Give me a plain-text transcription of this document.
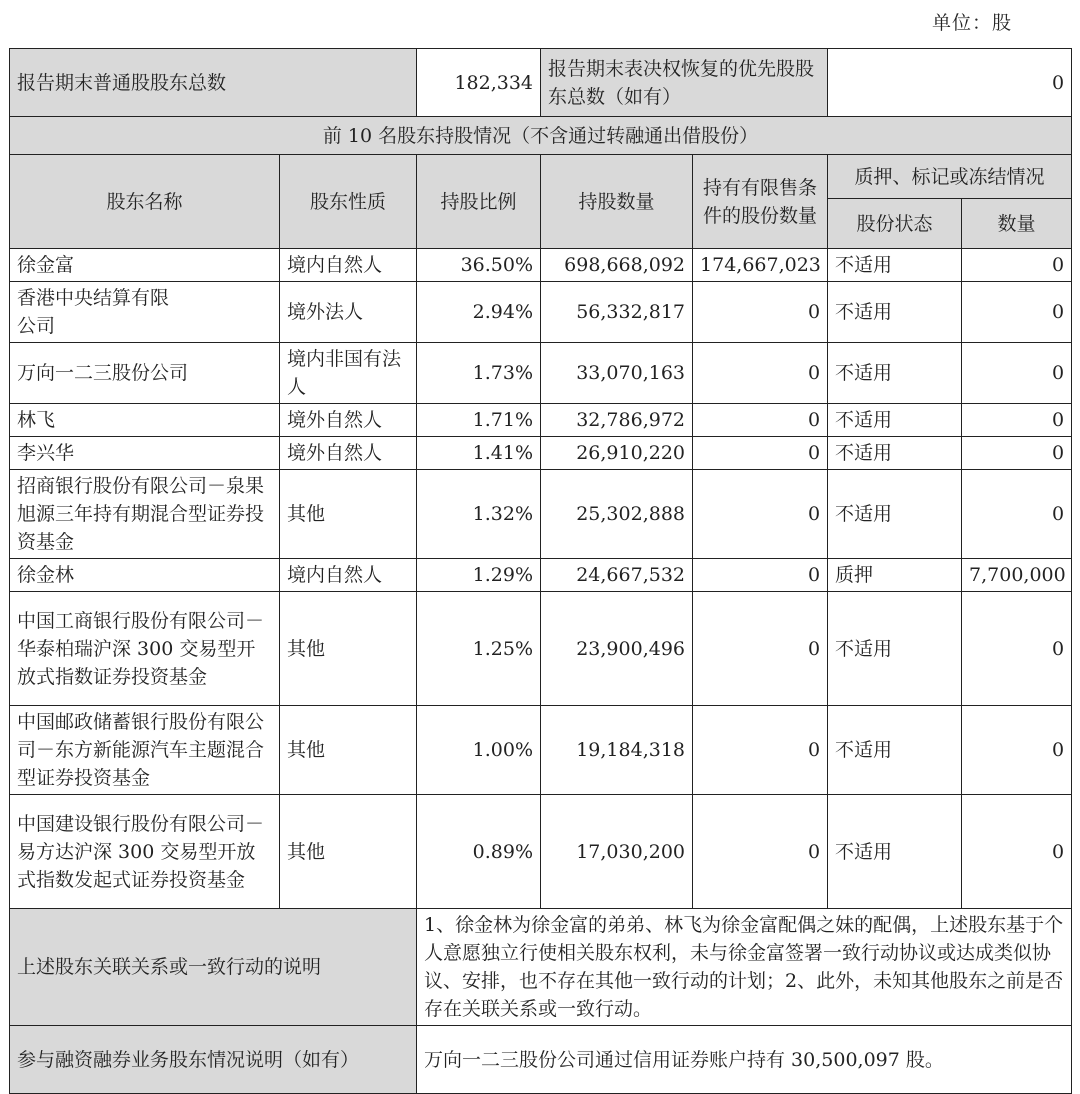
单位：股
报告期末普通股股东总数		182,334	报告期末表决权恢复的优先股股东总数（如有）		0	
前 10 名股东持股情况（不含通过转融通出借股份）						
股东名称	股东性质	持股比例	持股数量	持有有限售条件的股份数量	质押、标记或冻结情况	
					股份状态	数量
徐金富	境内自然人	36.50%	698,668,092	174,667,023	不适用	0
香港中央结算有限公司	境外法人	2.94%	56,332,817	0	不适用	0
万向一二三股份公司	境内非国有法人	1.73%	33,070,163	0	不适用	0
林飞	境外自然人	1.71%	32,786,972	0	不适用	0
李兴华	境外自然人	1.41%	26,910,220	0	不适用	0
招商银行股份有限公司－泉果旭源三年持有期混合型证券投资基金	其他	1.32%	25,302,888	0	不适用	0
徐金林	境内自然人	1.29%	24,667,532	0	质押	7,700,000
中国工商银行股份有限公司－华泰柏瑞沪深 300 交易型开放式指数证券投资基金	其他	1.25%	23,900,496	0	不适用	0
中国邮政储蓄银行股份有限公司－东方新能源汽车主题混合型证券投资基金	其他	1.00%	19,184,318	0	不适用	0
中国建设银行股份有限公司－易方达沪深 300 交易型开放式指数发起式证券投资基金	其他	0.89%	17,030,200	0	不适用	0
上述股东关联关系或一致行动的说明		1、徐金林为徐金富的弟弟、林飞为徐金富配偶之妹的配偶，上述股东基于个人意愿独立行使相关股东权利，未与徐金富签署一致行动协议或达成类似协议、安排，也不存在其他一致行动的计划；2、此外，未知其他股东之前是否存在关联关系或一致行动。				
参与融资融券业务股东情况说明（如有）		万向一二三股份公司通过信用证券账户持有 30,500,097 股。				
